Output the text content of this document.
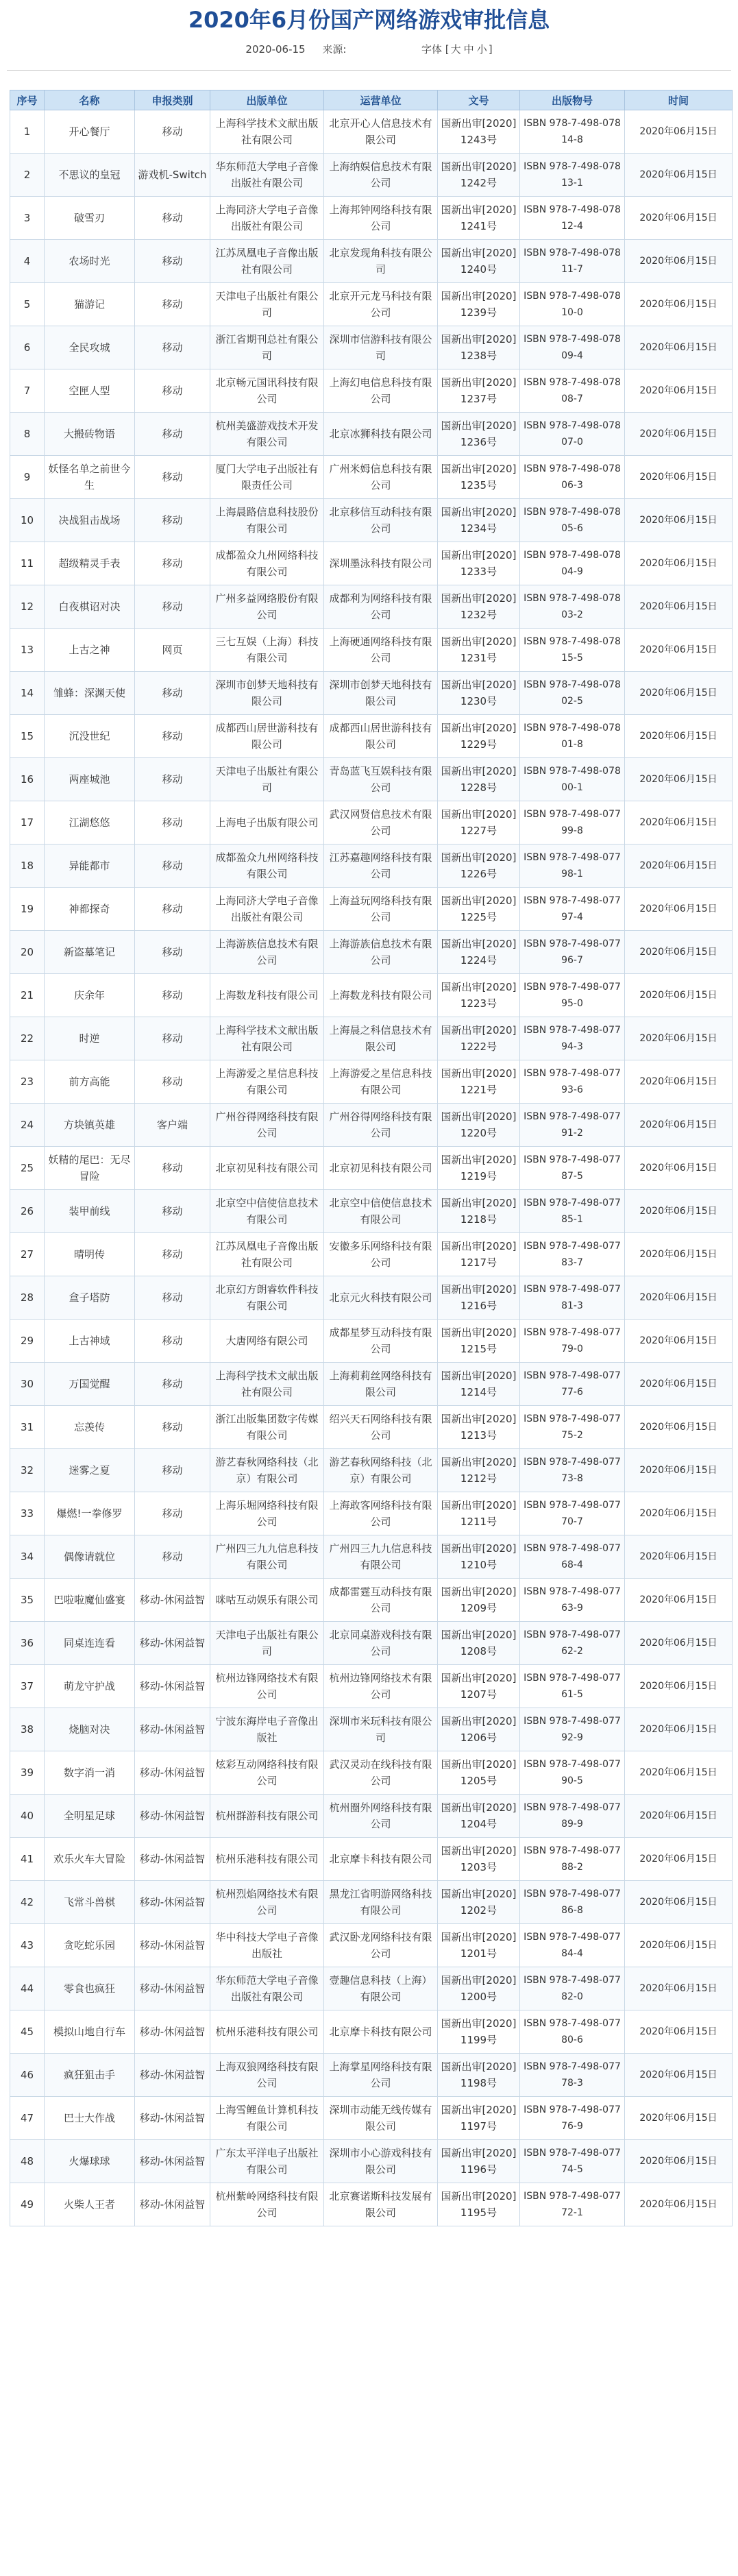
2020年6月份国产网络游戏审批信息
2020-06-15 来源:	字体 [ 大 中 小 ]
序号	名称	申报类别	出版单位	运营单位	文号	出版物号	时间
1	开心餐厅	移动	上海科学技术文献出版社有限公司	北京开心人信息技术有限公司	国新出审[2020]1243号	ISBN 978-7-498-07814-8	2020年06月15日
2	不思议的皇冠	游戏机-Switch	华东师范大学电子音像出版社有限公司	上海纳娱信息技术有限公司	国新出审[2020]1242号	ISBN 978-7-498-07813-1	2020年06月15日
3	破雪刃	移动	上海同济大学电子音像出版社有限公司	上海邦钟网络科技有限公司	国新出审[2020]1241号	ISBN 978-7-498-07812-4	2020年06月15日
4	农场时光	移动	江苏凤凰电子音像出版社有限公司	北京发现角科技有限公司	国新出审[2020]1240号	ISBN 978-7-498-07811-7	2020年06月15日
5	猫游记	移动	天津电子出版社有限公司	北京开元龙马科技有限公司	国新出审[2020]1239号	ISBN 978-7-498-07810-0	2020年06月15日
6	全民攻城	移动	浙江省期刊总社有限公司	深圳市信游科技有限公司	国新出审[2020]1238号	ISBN 978-7-498-07809-4	2020年06月15日
7	空匣人型	移动	北京畅元国讯科技有限公司	上海幻电信息科技有限公司	国新出审[2020]1237号	ISBN 978-7-498-07808-7	2020年06月15日
8	大搬砖物语	移动	杭州美盛游戏技术开发有限公司	北京冰狮科技有限公司	国新出审[2020]1236号	ISBN 978-7-498-07807-0	2020年06月15日
9	妖怪名单之前世今生	移动	厦门大学电子出版社有限责任公司	广州米姆信息科技有限公司	国新出审[2020]1235号	ISBN 978-7-498-07806-3	2020年06月15日
10	决战狙击战场	移动	上海晨路信息科技股份有限公司	北京移信互动科技有限公司	国新出审[2020]1234号	ISBN 978-7-498-07805-6	2020年06月15日
11	超级精灵手表	移动	成都盈众九州网络科技有限公司	深圳墨泳科技有限公司	国新出审[2020]1233号	ISBN 978-7-498-07804-9	2020年06月15日
12	白夜棋诏对决	移动	广州多益网络股份有限公司	成都利为网络科技有限公司	国新出审[2020]1232号	ISBN 978-7-498-07803-2	2020年06月15日
13	上古之神	网页	三七互娱（上海）科技有限公司	上海硬通网络科技有限公司	国新出审[2020]1231号	ISBN 978-7-498-07815-5	2020年06月15日
14	雏蜂：深渊天使	移动	深圳市创梦天地科技有限公司	深圳市创梦天地科技有限公司	国新出审[2020]1230号	ISBN 978-7-498-07802-5	2020年06月15日
15	沉没世纪	移动	成都西山居世游科技有限公司	成都西山居世游科技有限公司	国新出审[2020]1229号	ISBN 978-7-498-07801-8	2020年06月15日
16	两座城池	移动	天津电子出版社有限公司	青岛蓝飞互娱科技有限公司	国新出审[2020]1228号	ISBN 978-7-498-07800-1	2020年06月15日
17	江湖悠悠	移动	上海电子出版有限公司	武汉网贤信息技术有限公司	国新出审[2020]1227号	ISBN 978-7-498-07799-8	2020年06月15日
18	异能都市	移动	成都盈众九州网络科技有限公司	江苏嘉趣网络科技有限公司	国新出审[2020]1226号	ISBN 978-7-498-07798-1	2020年06月15日
19	神都探奇	移动	上海同济大学电子音像出版社有限公司	上海益玩网络科技有限公司	国新出审[2020]1225号	ISBN 978-7-498-07797-4	2020年06月15日
20	新盗墓笔记	移动	上海游族信息技术有限公司	上海游族信息技术有限公司	国新出审[2020]1224号	ISBN 978-7-498-07796-7	2020年06月15日
21	庆余年	移动	上海数龙科技有限公司	上海数龙科技有限公司	国新出审[2020]1223号	ISBN 978-7-498-07795-0	2020年06月15日
22	时逆	移动	上海科学技术文献出版社有限公司	上海晨之科信息技术有限公司	国新出审[2020]1222号	ISBN 978-7-498-07794-3	2020年06月15日
23	前方高能	移动	上海游爱之星信息科技有限公司	上海游爱之星信息科技有限公司	国新出审[2020]1221号	ISBN 978-7-498-07793-6	2020年06月15日
24	方块镇英雄	客户端	广州谷得网络科技有限公司	广州谷得网络科技有限公司	国新出审[2020]1220号	ISBN 978-7-498-07791-2	2020年06月15日
25	妖精的尾巴：无尽冒险	移动	北京初见科技有限公司	北京初见科技有限公司	国新出审[2020]1219号	ISBN 978-7-498-07787-5	2020年06月15日
26	装甲前线	移动	北京空中信使信息技术有限公司	北京空中信使信息技术有限公司	国新出审[2020]1218号	ISBN 978-7-498-07785-1	2020年06月15日
27	晴明传	移动	江苏凤凰电子音像出版社有限公司	安徽多乐网络科技有限公司	国新出审[2020]1217号	ISBN 978-7-498-07783-7	2020年06月15日
28	盒子塔防	移动	北京幻方朗睿软件科技有限公司	北京元火科技有限公司	国新出审[2020]1216号	ISBN 978-7-498-07781-3	2020年06月15日
29	上古神域	移动	大唐网络有限公司	成都星梦互动科技有限公司	国新出审[2020]1215号	ISBN 978-7-498-07779-0	2020年06月15日
30	万国觉醒	移动	上海科学技术文献出版社有限公司	上海莉莉丝网络科技有限公司	国新出审[2020]1214号	ISBN 978-7-498-07777-6	2020年06月15日
31	忘羡传	移动	浙江出版集团数字传媒有限公司	绍兴天石网络科技有限公司	国新出审[2020]1213号	ISBN 978-7-498-07775-2	2020年06月15日
32	迷雾之夏	移动	游艺春秋网络科技（北京）有限公司	游艺春秋网络科技（北京）有限公司	国新出审[2020]1212号	ISBN 978-7-498-07773-8	2020年06月15日
33	爆燃!一拳修罗	移动	上海乐堀网络科技有限公司	上海敢客网络科技有限公司	国新出审[2020]1211号	ISBN 978-7-498-07770-7	2020年06月15日
34	偶像请就位	移动	广州四三九九信息科技有限公司	广州四三九九信息科技有限公司	国新出审[2020]1210号	ISBN 978-7-498-07768-4	2020年06月15日
35	巴啦啦魔仙盛宴	移动-休闲益智	咪咕互动娱乐有限公司	成都雷霆互动科技有限公司	国新出审[2020]1209号	ISBN 978-7-498-07763-9	2020年06月15日
36	同桌连连看	移动-休闲益智	天津电子出版社有限公司	北京同桌游戏科技有限公司	国新出审[2020]1208号	ISBN 978-7-498-07762-2	2020年06月15日
37	萌龙守护战	移动-休闲益智	杭州边锋网络技术有限公司	杭州边锋网络技术有限公司	国新出审[2020]1207号	ISBN 978-7-498-07761-5	2020年06月15日
38	烧脑对决	移动-休闲益智	宁波东海岸电子音像出版社	深圳市米玩科技有限公司	国新出审[2020]1206号	ISBN 978-7-498-07792-9	2020年06月15日
39	数字消一消	移动-休闲益智	炫彩互动网络科技有限公司	武汉灵动在线科技有限公司	国新出审[2020]1205号	ISBN 978-7-498-07790-5	2020年06月15日
40	全明星足球	移动-休闲益智	杭州群游科技有限公司	杭州圈外网络科技有限公司	国新出审[2020]1204号	ISBN 978-7-498-07789-9	2020年06月15日
41	欢乐火车大冒险	移动-休闲益智	杭州乐港科技有限公司	北京摩卡科技有限公司	国新出审[2020]1203号	ISBN 978-7-498-07788-2	2020年06月15日
42	飞常斗兽棋	移动-休闲益智	杭州烈焰网络技术有限公司	黑龙江省明游网络科技有限公司	国新出审[2020]1202号	ISBN 978-7-498-07786-8	2020年06月15日
43	贪吃蛇乐园	移动-休闲益智	华中科技大学电子音像出版社	武汉卧龙网络科技有限公司	国新出审[2020]1201号	ISBN 978-7-498-07784-4	2020年06月15日
44	零食也疯狂	移动-休闲益智	华东师范大学电子音像出版社有限公司	壹趣信息科技（上海）有限公司	国新出审[2020]1200号	ISBN 978-7-498-07782-0	2020年06月15日
45	模拟山地自行车	移动-休闲益智	杭州乐港科技有限公司	北京摩卡科技有限公司	国新出审[2020]1199号	ISBN 978-7-498-07780-6	2020年06月15日
46	疯狂狙击手	移动-休闲益智	上海双狼网络科技有限公司	上海掌星网络科技有限公司	国新出审[2020]1198号	ISBN 978-7-498-07778-3	2020年06月15日
47	巴士大作战	移动-休闲益智	上海雪鲤鱼计算机科技有限公司	深圳市动能无线传媒有限公司	国新出审[2020]1197号	ISBN 978-7-498-07776-9	2020年06月15日
48	火爆球球	移动-休闲益智	广东太平洋电子出版社有限公司	深圳市小心游戏科技有限公司	国新出审[2020]1196号	ISBN 978-7-498-07774-5	2020年06月15日
49	火柴人王者	移动-休闲益智	杭州紫岭网络科技有限公司	北京赛诺斯科技发展有限公司	国新出审[2020]1195号	ISBN 978-7-498-07772-1	2020年06月15日
